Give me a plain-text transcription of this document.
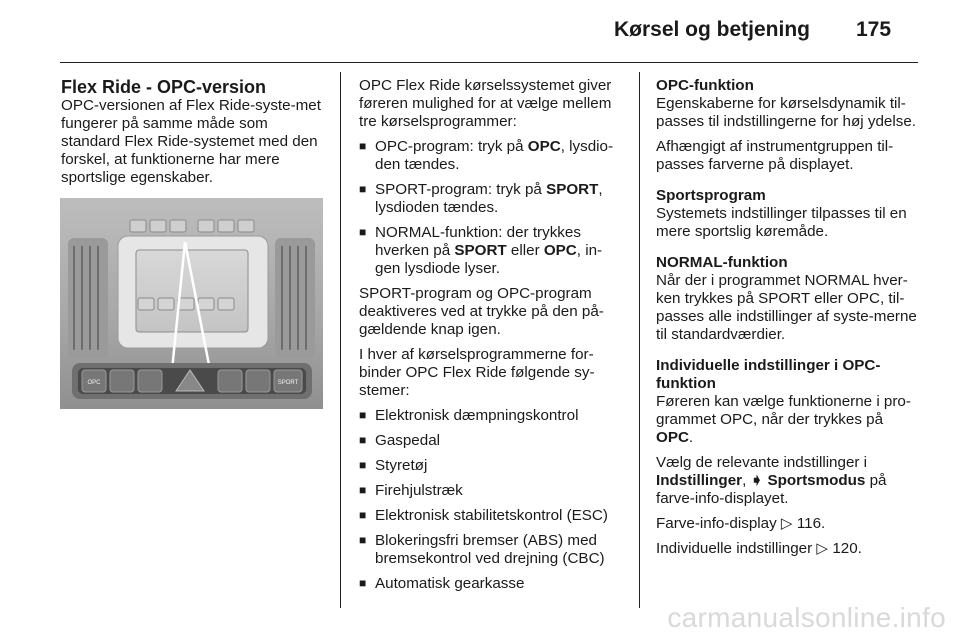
Kørsel og betjening 175
Flex Ride - OPC-version
OPC-versionen af Flex Ride-syste-met fungerer på samme måde som standard Flex Ride-systemet med den forskel, at funktionerne har mere sportslige egenskaber.
OPC	SPORT
OPC Flex Ride kørselssystemet giver føreren mulighed for at vælge mellem tre kørselsprogrammer:
■ OPC-program: tryk på OPC, lysdio-den tændes.
■ SPORT-program: tryk på SPORT, lysdioden tændes.
■ NORMAL-funktion: der trykkes hverken på SPORT eller OPC, in-gen lysdiode lyser.
SPORT-program og OPC-program deaktiveres ved at trykke på den på-gældende knap igen.
I hver af kørselsprogrammerne for-binder OPC Flex Ride følgende sy-stemer:
■ Elektronisk dæmpningskontrol
■ Gaspedal
■ Styretøj
■ Firehjulstræk
■ Elektronisk stabilitetskontrol (ESC)
■ Blokeringsfri bremser (ABS) med bremsekontrol ved drejning (CBC)
■ Automatisk gearkasse
OPC-funktion
Egenskaberne for kørselsdynamik til-passes til indstillingerne for høj ydelse.
Afhængigt af instrumentgruppen til-passes farverne på displayet.
Sportsprogram
Systemets indstillinger tilpasses til en mere sportslig køremåde.
NORMAL-funktion
Når der i programmet NORMAL hver-ken trykkes på SPORT eller OPC, til-passes alle indstillinger af syste-merne til standardværdier.
Individuelle indstillinger i OPC-funktion
Føreren kan vælge funktionerne i pro-grammet OPC, når der trykkes på OPC.
Vælg de relevante indstillinger i Indstillinger, ➧ Sportsmodus på farve-info-displayet.
Farve-info-display ▷ 116.
Individuelle indstillinger ▷ 120.
carmanualsonline.info
